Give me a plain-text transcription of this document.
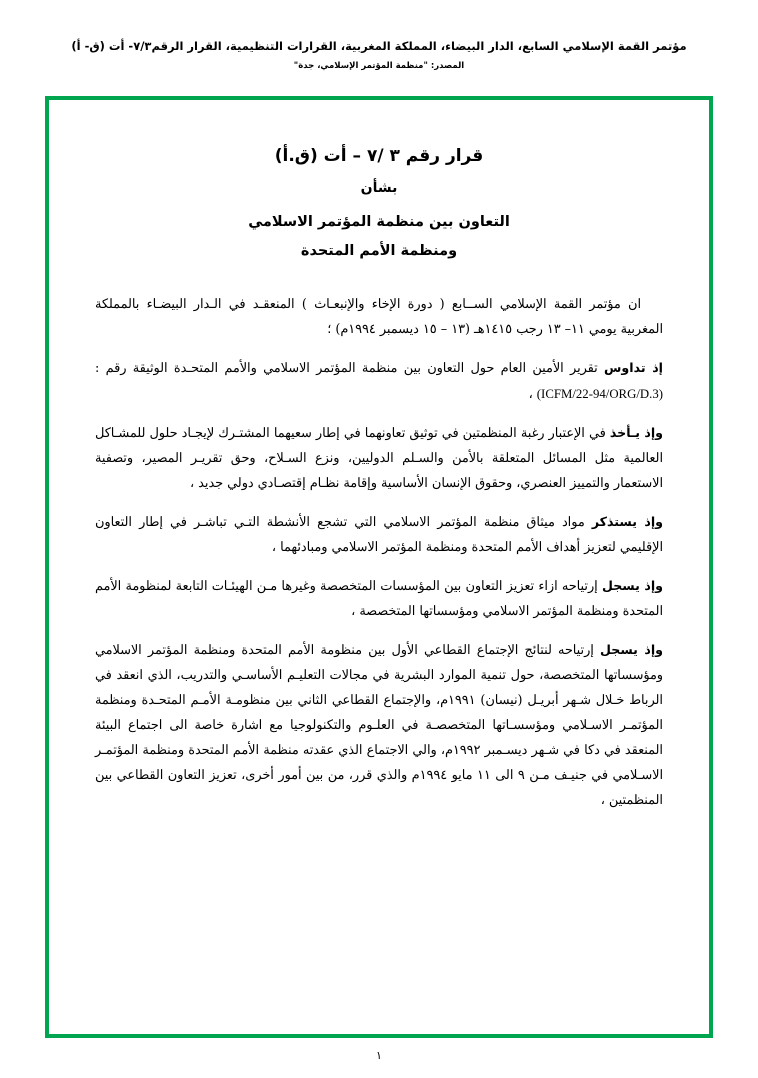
مؤتمر القمة الإسلامي السابع، الدار البيضاء، المملكة المغربية، القرارات التنظيمية، القرار الرقم٧/٣- أت (ق- أ)
المصدر: "منظمة المؤتمر الإسلامي، جدة"
قرار رقم ٣ /٧ – أت (ق.أ)
بشأن
التعاون بين منظمة المؤتمر الاسلامي
ومنظمة الأمم المتحدة

ان مؤتمر القمة الإسلامي الســابع ( دورة الإخاء والإنبعـاث ) المنعقـد في الـدار البيضـاء بالمملكة المغربية يومي ١١– ١٣ رجب ١٤١٥هـ (١٣ – ١٥ ديسمبر ١٩٩٤م) ؛

إذ تداوس تقرير الأمين العام حول التعاون بين منظمة المؤتمر الاسلامي والأمم المتحـدة الوثيقة رقم : (ICFM/22-94/ORG/D.3) ،

وإذ يـأخذ في الإعتبار رغبة المنظمتين في توثيق تعاونهما في إطار سعيهما المشتـرك لإيجـاد حلول للمشـاكل العالمية مثل المسائل المتعلقة بالأمن والسـلم الدوليين، ونزع السـلاح، وحق تقريـر المصير، وتصفية الاستعمار والتمييز العنصري، وحقوق الإنسان الأساسية وإقامة نظـام إقتصـادي دولي جديد ،

وإذ يستذكر مواد ميثاق منظمة المؤتمر الاسلامي التي تشجع الأنشطة التـي تباشـر في إطار التعاون الإقليمي لتعزيز أهداف الأمم المتحدة ومنظمة المؤتمر الاسلامي ومبادئهما ،

وإذ يسجل إرتياحه ازاء تعزيز التعاون بين المؤسسات المتخصصة وغيرها مـن الهيئـات التابعة لمنظومة الأمم المتحدة ومنظمة المؤتمر الاسلامي ومؤسساتها المتخصصة ،

وإذ يسجل إرتياحه لنتائج الإجتماع القطاعي الأول بين منظومة الأمم المتحدة ومنظمة المؤتمر الاسلامي ومؤسساتها المتخصصة، حول تنمية الموارد البشرية في مجالات التعليـم الأساسـي والتدريب، الذي انعقد في الرباط خـلال شـهر أبريـل (نيسان) ١٩٩١م، والإجتماع القطاعي الثاني بين منظومـة الأمـم المتحـدة ومنظمة المؤتمـر الاسـلامي ومؤسسـاتها المتخصصـة في العلـوم والتكنولوجيا مع اشارة خاصة الى اجتماع البيئة المنعقد في دكا في شـهر ديسـمبر ١٩٩٢م، والي الاجتماع الذي عقدته منظمة الأمم المتحدة ومنظمة المؤتمـر الاسـلامي في جنيـف مـن ٩ الى ١١ مايو ١٩٩٤م والذي قرر، من بين أمور أخرى، تعزيز التعاون القطاعي بين المنظمتين ،

١
